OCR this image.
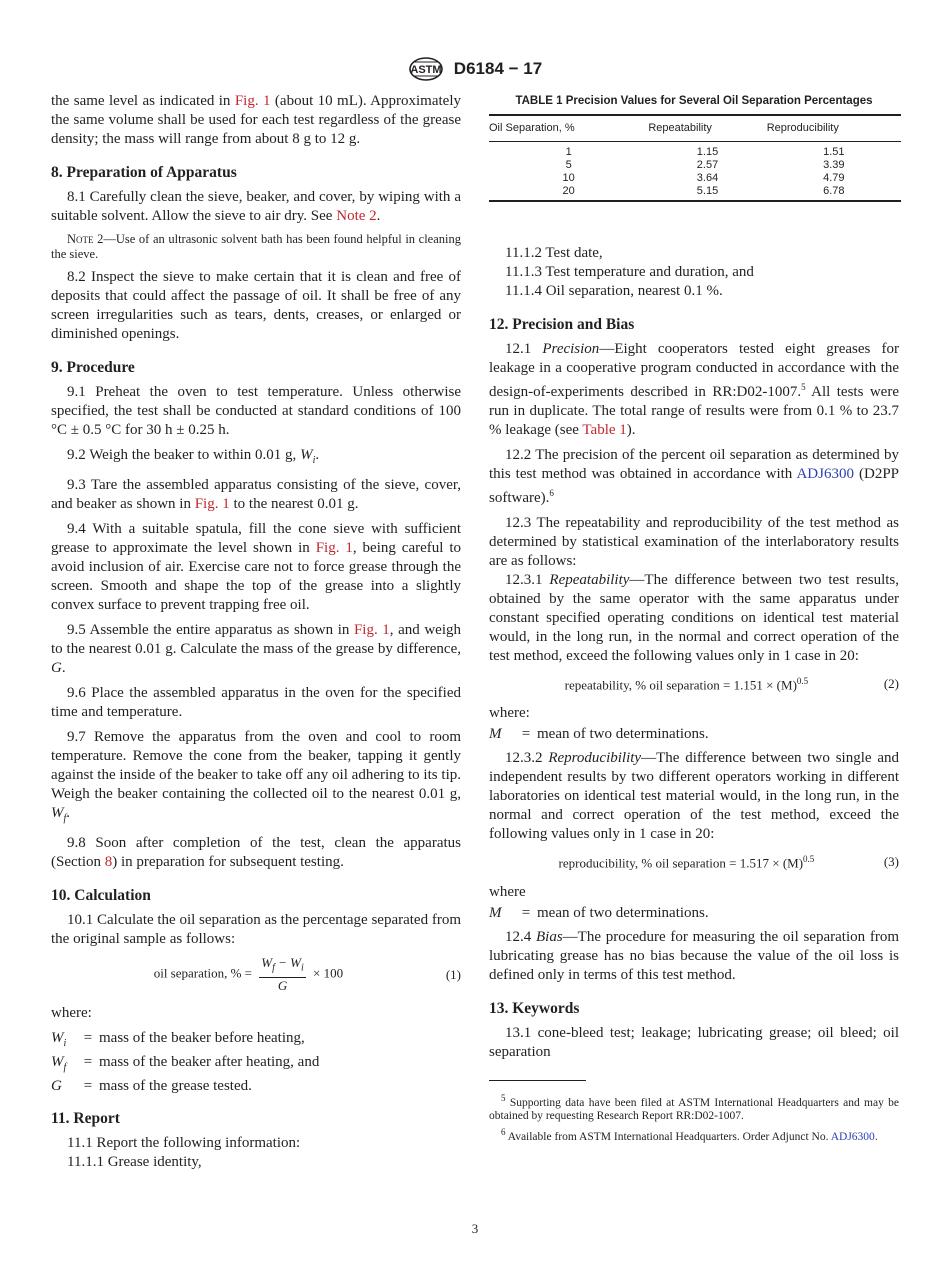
ASTM D6184 − 17

the same level as indicated in Fig. 1 (about 10 mL). Approximately the same volume shall be used for each test regardless of the grease density; the mass will range from about 8 g to 12 g.

8. Preparation of Apparatus

8.1 Carefully clean the sieve, beaker, and cover, by wiping with a suitable solvent. Allow the sieve to air dry. See Note 2.

Note 2—Use of an ultrasonic solvent bath has been found helpful in cleaning the sieve.

8.2 Inspect the sieve to make certain that it is clean and free of deposits that could affect the passage of oil. It shall be free of any screen irregularities such as tears, dents, creases, or enlarged or diminished openings.

9. Procedure

9.1 Preheat the oven to test temperature. Unless otherwise specified, the test shall be conducted at standard conditions of 100 °C ± 0.5 °C for 30 h ± 0.25 h.

9.2 Weigh the beaker to within 0.01 g, $W_i$.

9.3 Tare the assembled apparatus consisting of the sieve, cover, and beaker as shown in Fig. 1 to the nearest 0.01 g.

9.4 With a suitable spatula, fill the cone sieve with sufficient grease to approximate the level shown in Fig. 1, being careful to avoid inclusion of air. Exercise care not to force grease through the screen. Smooth and shape the top of the grease into a slightly convex surface to prevent trapping free oil.

9.5 Assemble the entire apparatus as shown in Fig. 1, and weigh to the nearest 0.01 g. Calculate the mass of the grease by difference, G.

9.6 Place the assembled apparatus in the oven for the specified time and temperature.

9.7 Remove the apparatus from the oven and cool to room temperature. Remove the cone from the beaker, tapping it gently against the inside of the beaker to take off any oil adhering to its tip. Weigh the beaker containing the collected oil to the nearest 0.01 g, $W_f$.

9.8 Soon after completion of the test, clean the apparatus (Section 8) in preparation for subsequent testing.

10. Calculation

10.1 Calculate the oil separation as the percentage separated from the original sample as follows:

oil separation, % = $\frac{W_f - W_i}{G} \times 100$	(1)

where:

$W_i$	= mass of the beaker before heating,
$W_f$	= mass of the beaker after heating, and
G	= mass of the grease tested.
11. Report

11.1 Report the following information:

11.1.1 Grease identity,

TABLE 1 Precision Values for Several Oil Separation Percentages
Oil Separation, %	Repeatability	Reproducibility
1	1.15	1.51
5	2.57	3.39
10	3.64	4.79
20	5.15	6.78

11.1.2 Test date,

11.1.3 Test temperature and duration, and

11.1.4 Oil separation, nearest 0.1 %.

12. Precision and Bias

12.1 Precision—Eight cooperators tested eight greases for leakage in a cooperative program conducted in accordance with the design-of-experiments described in RR:D02-1007.$^5$ All tests were run in duplicate. The total range of results were from 0.1 % to 23.7 % leakage (see Table 1).

12.2 The precision of the percent oil separation as determined by this test method was obtained in accordance with ADJ6300 (D2PP software).$^6$

12.3 The repeatability and reproducibility of the test method as determined by statistical examination of the interlaboratory results are as follows:

12.3.1 Repeatability—The difference between two test results, obtained by the same operator with the same apparatus under constant specified operating conditions on identical test material would, in the long run, in the normal and correct operation of the test method, exceed the following values only in 1 case in 20:

repeatability, % oil separation = $1.151 \times (M)^{0.5}$	(2)

where:

M	= mean of two determinations.

12.3.2 Reproducibility—The difference between two single and independent results by two different operators working in different laboratories on identical test material would, in the long run, in the normal and correct operation of the test method, exceed the following values only in 1 case in 20:

reproducibility, % oil separation = $1.517 \times (M)^{0.5}$	(3)

where

M	= mean of two determinations.

12.4 Bias—The procedure for measuring the oil separation from lubricating grease has no bias because the value of the oil loss is defined only in terms of this test method.

13. Keywords

13.1 cone-bleed test; leakage; lubricating grease; oil bleed; oil separation

$^5$ Supporting data have been filed at ASTM International Headquarters and may be obtained by requesting Research Report RR:D02-1007.

$^6$ Available from ASTM International Headquarters. Order Adjunct No. ADJ6300.

3
